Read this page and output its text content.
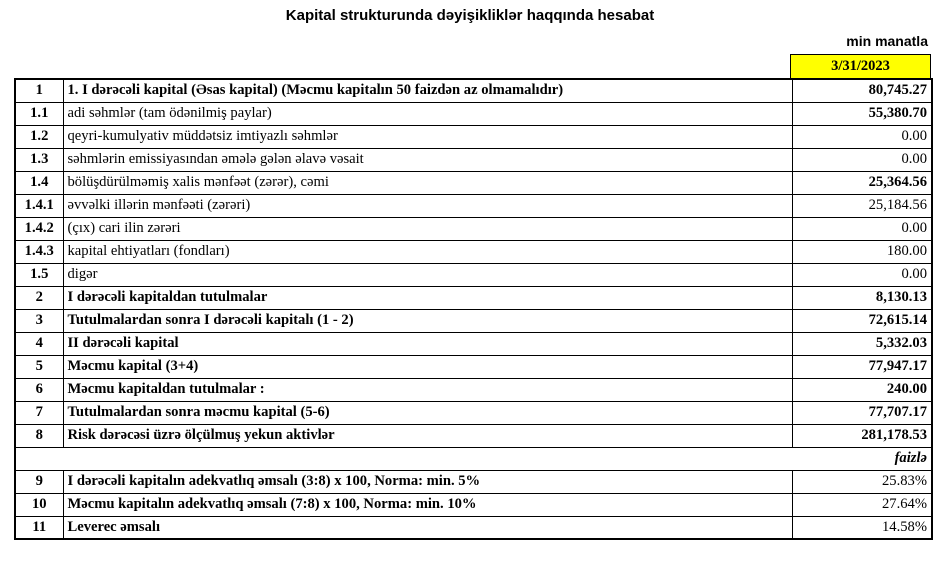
Kapital strukturunda dəyişikliklər haqqında hesabat
min manatla
3/31/2023
1	1. I dərəcəli kapital (Əsas kapital) (Məcmu kapitalın 50 faizdən az olmamalıdır)	80,745.27
1.1	adi səhmlər (tam ödənilmiş paylar)	55,380.70
1.2	qeyri-kumulyativ müddətsiz imtiyazlı səhmlər	0.00
1.3	səhmlərin emissiyasından əmələ gələn əlavə vəsait	0.00
1.4	bölüşdürülməmiş xalis mənfəət (zərər), cəmi	25,364.56
1.4.1	əvvəlki illərin mənfəəti (zərəri)	25,184.56
1.4.2	(çıx) cari ilin zərəri	0.00
1.4.3	kapital ehtiyatları (fondları)	180.00
1.5	digər	0.00
2	I dərəcəli kapitaldan tutulmalar	8,130.13
3	Tutulmalardan sonra I dərəcəli kapitalı (1 - 2)	72,615.14
4	II dərəcəli kapital	5,332.03
5	Məcmu kapital (3+4)	77,947.17
6	Məcmu kapitaldan tutulmalar :	240.00
7	Tutulmalardan sonra məcmu kapital (5-6)	77,707.17
8	Risk dərəcəsi üzrə ölçülmuş yekun aktivlər	281,178.53
faizlə		
9	I dərəcəli kapitalın adekvatlıq əmsalı (3:8) x 100, Norma: min. 5%	25.83%
10	Məcmu kapitalın adekvatlıq əmsalı (7:8) x 100, Norma: min. 10%	27.64%
11	Leverec əmsalı	14.58%
